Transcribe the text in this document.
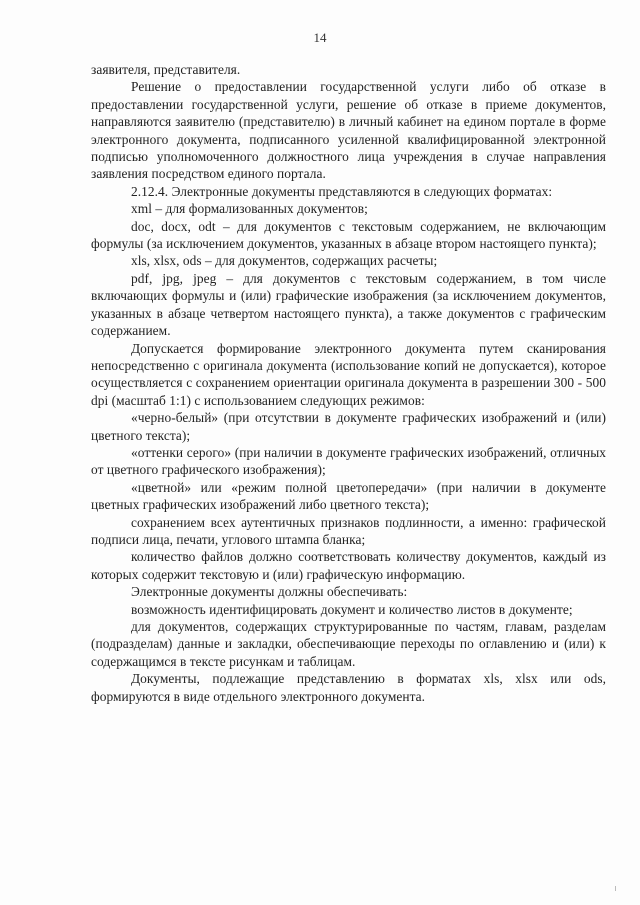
14

заявителя, представителя.

Решение о предоставлении государственной услуги либо об отказе в предоставлении государственной услуги, решение об отказе в приеме документов, направляются заявителю (представителю) в личный кабинет на едином портале в форме электронного документа, подписанного усиленной квалифицированной электронной подписью уполномоченного должностного лица учреждения в случае направления заявления посредством единого портала.

2.12.4. Электронные документы представляются в следующих форматах:

xml – для формализованных документов;

doc, docx, odt – для документов с текстовым содержанием, не включающим формулы (за исключением документов, указанных в абзаце втором настоящего пункта);

xls, xlsx, ods – для документов, содержащих расчеты;

pdf, jpg, jpeg – для документов с текстовым содержанием, в том числе включающих формулы и (или) графические изображения (за исключением документов, указанных в абзаце четвертом настоящего пункта), а также документов с графическим содержанием.

Допускается формирование электронного документа путем сканирования непосредственно с оригинала документа (использование копий не допускается), которое осуществляется с сохранением ориентации оригинала документа в разрешении 300 - 500 dpi (масштаб 1:1) с использованием следующих режимов:

«черно-белый» (при отсутствии в документе графических изображений и (или) цветного текста);

«оттенки серого» (при наличии в документе графических изображений, отличных от цветного графического изображения);

«цветной» или «режим полной цветопередачи» (при наличии в документе цветных графических изображений либо цветного текста);

сохранением всех аутентичных признаков подлинности, а именно: графической подписи лица, печати, углового штампа бланка;

количество файлов должно соответствовать количеству документов, каждый из которых содержит текстовую и (или) графическую информацию.

Электронные документы должны обеспечивать:

возможность идентифицировать документ и количество листов в документе;

для документов, содержащих структурированные по частям, главам, разделам (подразделам) данные и закладки, обеспечивающие переходы по оглавлению и (или) к содержащимся в тексте рисункам и таблицам.

Документы, подлежащие представлению в форматах xls, xlsx или ods, формируются в виде отдельного электронного документа.
